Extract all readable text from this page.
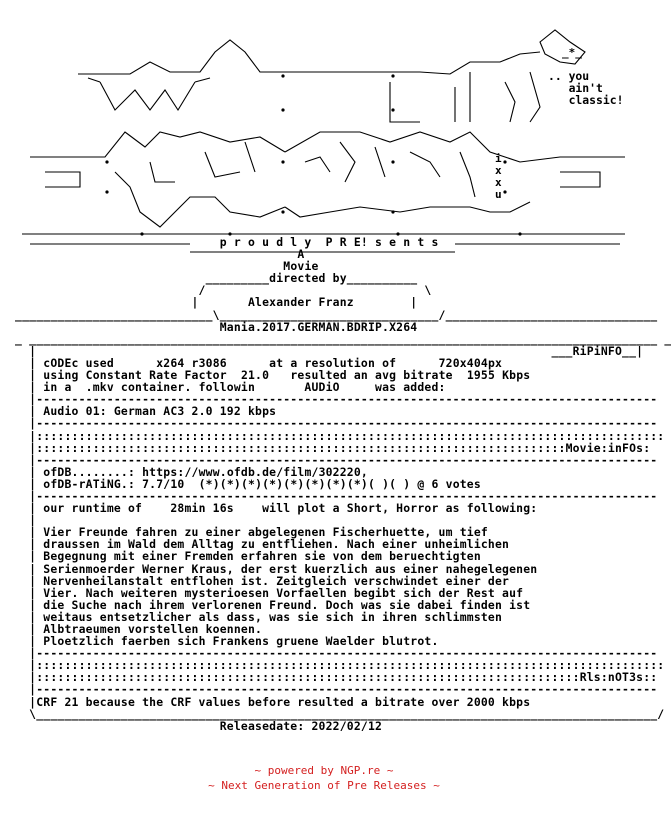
_*_
i
x
x
u
.. you
ain't
classic!
p r o u d l y  P R E! s e n t s
A
Movie
_________directed by__________
/                               \
|       Alexander Franz        |
____________________________\_______________________________/______________________________
Mania.2017.GERMAN.BDRIP.X264
_ _________________________________________________________________________________________ _
|                                                                         ___RiPiNFO__|
| cODEc used	x264 r3086	at a resolution of	720x404px
| using Constant Rate Factor 21.0 resulted an avg bitrate 1955 Kbps
| in a  .mkv container. followin       AUDiO     was added:
|----------------------------------------------------------------------------------------
| Audio 01: German AC3 2.0 192 kbps
|----------------------------------------------------------------------------------------
|:::::::::::::::::::::::::::::::::::::::::::::::::::::::::::::::::::::::::::::::::::::::::
|:::::::::::::::::::::::::::::::::::::::::::::::::::::::::::::::::::::::::::Movie:inFOs:
|----------------------------------------------------------------------------------------
| ofDB........: https://www.ofdb.de/film/302220,
| ofDB-rATiNG.: 7.7/10 (*)(*)(*)(*)(*)(*)(*)(*)( )( ) @ 6 votes
|----------------------------------------------------------------------------------------
| our runtime of    28min 16s    will plot a Short, Horror as following:
|
| Vier Freunde fahren zu einer abgelegenen Fischerhuette, um tief
| draussen im Wald dem Alltag zu entfliehen. Nach einer unheimlichen
| Begegnung mit einer Fremden erfahren sie von dem beruechtigten
| Serienmoerder Werner Kraus, der erst kuerzlich aus einer nahegelegenen
| Nervenheilanstalt entflohen ist. Zeitgleich verschwindet einer der
| Vier. Nach weiteren mysterioesen Vorfaellen begibt sich der Rest auf
| die Suche nach ihrem verlorenen Freund. Doch was sie dabei finden ist
| weitaus entsetzlicher als dass, was sie sich in ihren schlimmsten
| Albtraeumen vorstellen koennen.
| Ploetzlich faerben sich Frankens gruene Waelder blutrot.
|----------------------------------------------------------------------------------------
|:::::::::::::::::::::::::::::::::::::::::::::::::::::::::::::::::::::::::::::::::::::::::
|:::::::::::::::::::::::::::::::::::::::::::::::::::::::::::::::::::::::::::::Rls:nOT3s::
|----------------------------------------------------------------------------------------
|CRF 21 because the CRF values before resulted a bitrate over 2000 kbps
\________________________________________________________________________________________/
Releasedate: 2022/02/12
~ powered by NGP.re ~
~ Next Generation of Pre Releases ~
